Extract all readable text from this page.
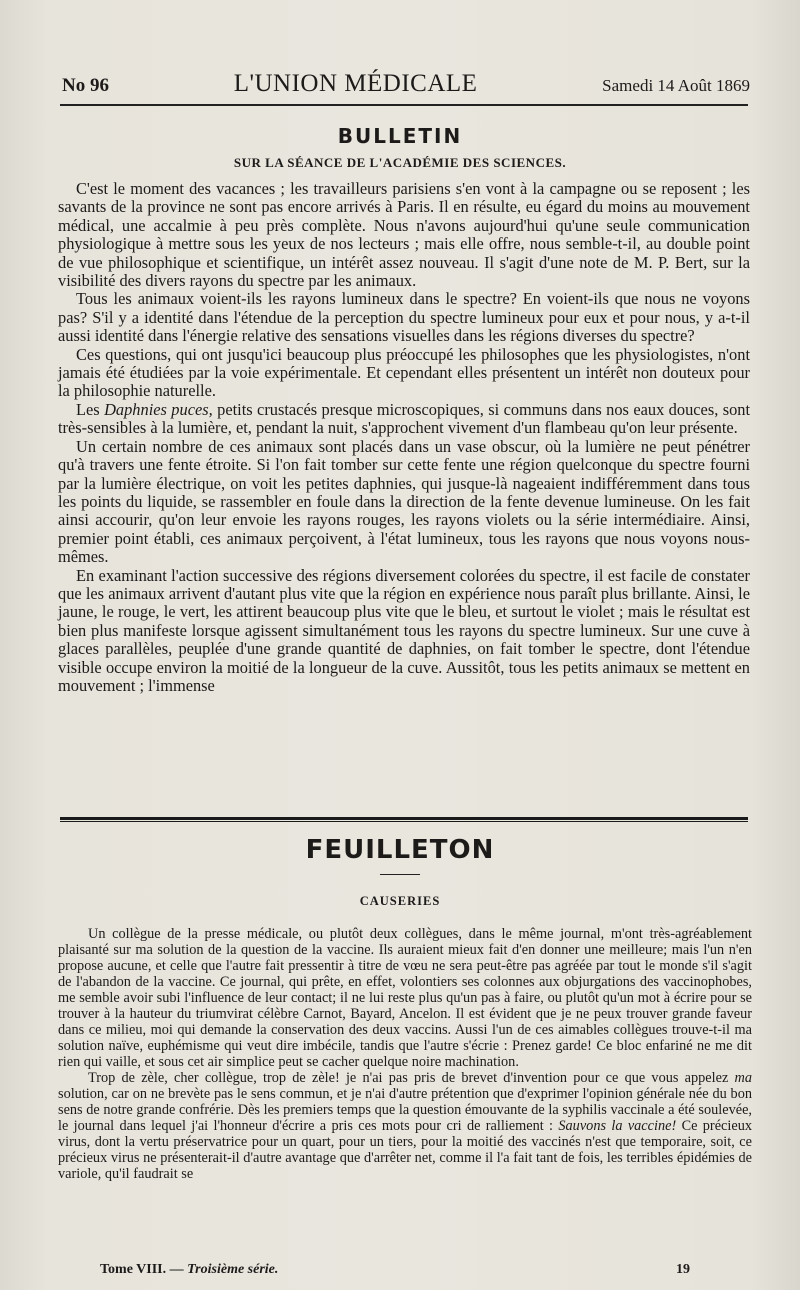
No 96	L'UNION MÉDICALE	Samedi 14 Août 1869
BULLETIN
SUR LA SÉANCE DE L'ACADÉMIE DES SCIENCES.

C'est le moment des vacances ; les travailleurs parisiens s'en vont à la campagne ou se reposent ; les savants de la province ne sont pas encore arrivés à Paris. Il en résulte, eu égard du moins au mouvement médical, une accalmie à peu près complète. Nous n'avons aujourd'hui qu'une seule communication physiologique à mettre sous les yeux de nos lecteurs ; mais elle offre, nous semble-t-il, au double point de vue philosophique et scientifique, un intérêt assez nouveau. Il s'agit d'une note de M. P. Bert, sur la visibilité des divers rayons du spectre par les animaux.

Tous les animaux voient-ils les rayons lumineux dans le spectre? En voient-ils que nous ne voyons pas? S'il y a identité dans l'étendue de la perception du spectre lumineux pour eux et pour nous, y a-t-il aussi identité dans l'énergie relative des sensations visuelles dans les régions diverses du spectre?

Ces questions, qui ont jusqu'ici beaucoup plus préoccupé les philosophes que les physiologistes, n'ont jamais été étudiées par la voie expérimentale. Et cependant elles présentent un intérêt non douteux pour la philosophie naturelle.

Les Daphnies puces, petits crustacés presque microscopiques, si communs dans nos eaux douces, sont très-sensibles à la lumière, et, pendant la nuit, s'approchent vivement d'un flambeau qu'on leur présente.

Un certain nombre de ces animaux sont placés dans un vase obscur, où la lumière ne peut pénétrer qu'à travers une fente étroite. Si l'on fait tomber sur cette fente une région quelconque du spectre fourni par la lumière électrique, on voit les petites daphnies, qui jusque-là nageaient indifféremment dans tous les points du liquide, se rassembler en foule dans la direction de la fente devenue lumineuse. On les fait ainsi accourir, qu'on leur envoie les rayons rouges, les rayons violets ou la série intermédiaire. Ainsi, premier point établi, ces animaux perçoivent, à l'état lumineux, tous les rayons que nous voyons nous-mêmes.

En examinant l'action successive des régions diversement colorées du spectre, il est facile de constater que les animaux arrivent d'autant plus vite que la région en expérience nous paraît plus brillante. Ainsi, le jaune, le rouge, le vert, les attirent beaucoup plus vite que le bleu, et surtout le violet ; mais le résultat est bien plus manifeste lorsque agissent simultanément tous les rayons du spectre lumineux. Sur une cuve à glaces parallèles, peuplée d'une grande quantité de daphnies, on fait tomber le spectre, dont l'étendue visible occupe environ la moitié de la longueur de la cuve. Aussitôt, tous les petits animaux se mettent en mouvement ; l'immense

FEUILLETON
CAUSERIES

Un collègue de la presse médicale, ou plutôt deux collègues, dans le même journal, m'ont très-agréablement plaisanté sur ma solution de la question de la vaccine. Ils auraient mieux fait d'en donner une meilleure; mais l'un n'en propose aucune, et celle que l'autre fait pressentir à titre de vœu ne sera peut-être pas agréée par tout le monde s'il s'agit de l'abandon de la vaccine. Ce journal, qui prête, en effet, volontiers ses colonnes aux objurgations des vaccinophobes, me semble avoir subi l'influence de leur contact; il ne lui reste plus qu'un pas à faire, ou plutôt qu'un mot à écrire pour se trouver à la hauteur du triumvirat célèbre Carnot, Bayard, Ancelon. Il est évident que je ne peux trouver grande faveur dans ce milieu, moi qui demande la conservation des deux vaccins. Aussi l'un de ces aimables collègues trouve-t-il ma solution naïve, euphémisme qui veut dire imbécile, tandis que l'autre s'écrie : Prenez garde! Ce bloc enfariné ne me dit rien qui vaille, et sous cet air simplice peut se cacher quelque noire machination.

Trop de zèle, cher collègue, trop de zèle! je n'ai pas pris de brevet d'invention pour ce que vous appelez ma solution, car on ne brevète pas le sens commun, et je n'ai d'autre prétention que d'exprimer l'opinion générale née du bon sens de notre grande confrérie. Dès les premiers temps que la question émouvante de la syphilis vaccinale a été soulevée, le journal dans lequel j'ai l'honneur d'écrire a pris ces mots pour cri de ralliement : Sauvons la vaccine! Ce précieux virus, dont la vertu préservatrice pour un quart, pour un tiers, pour la moitié des vaccinés n'est que temporaire, soit, ce précieux virus ne présenterait-il d'autre avantage que d'arrêter net, comme il l'a fait tant de fois, les terribles épidémies de variole, qu'il faudrait se

Tome VIII. — Troisième série.	19
